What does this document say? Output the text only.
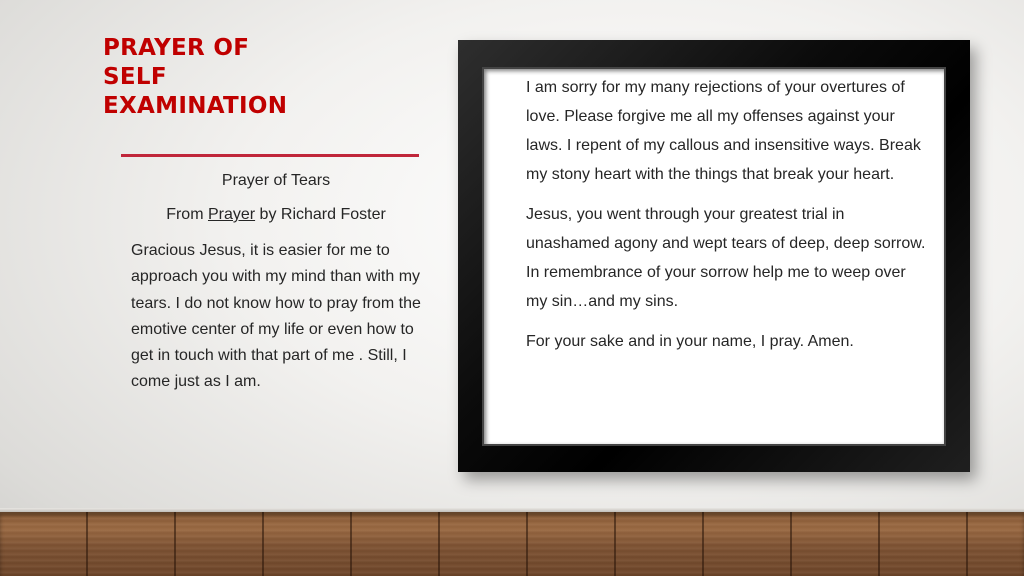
PRAYER OF
SELF
EXAMINATION

Prayer of Tears

From Prayer by Richard Foster

Gracious Jesus, it is easier for me to approach you with my mind than with my tears. I do not know how to pray from the emotive center of my life or even how to get in touch with that part of me . Still, I come just as I am.

I am sorry for my many rejections of your overtures of love. Please forgive me all my offenses against your laws. I repent of my callous and insensitive ways. Break my stony heart with the things that break your heart.

Jesus, you went through your greatest trial in unashamed agony and wept tears of deep, deep sorrow. In remembrance of your sorrow help me to weep over my sin…and my sins.

For your sake and in your name, I pray. Amen.
